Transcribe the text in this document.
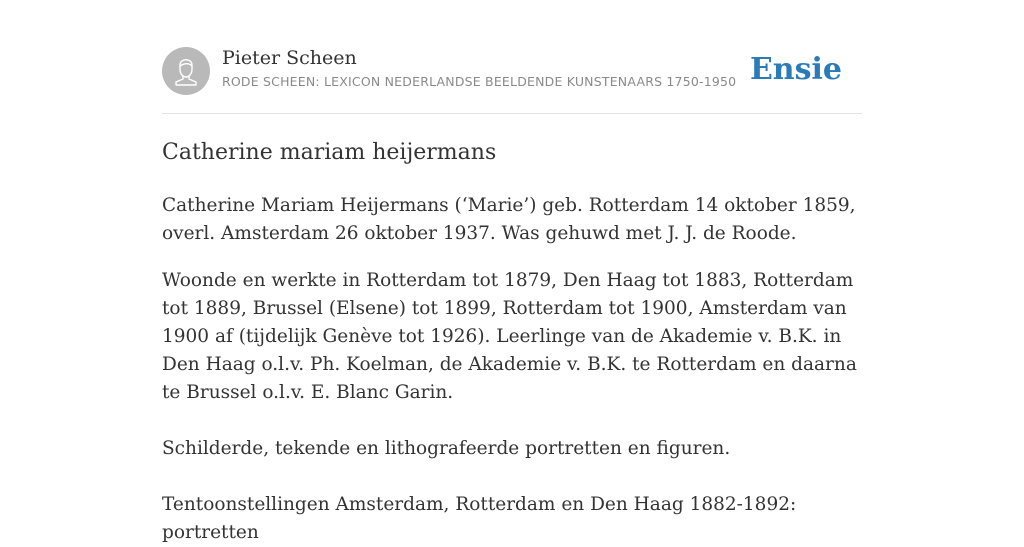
Pieter Scheen
RODE SCHEEN: LEXICON NEDERLANDSE BEELDENDE KUNSTENAARS 1750-1950 Ensie
Catherine mariam heijermans

Catherine Mariam Heijermans (‘Marie’) geb. Rotterdam 14 oktober 1859, overl. Amsterdam 26 oktober 1937. Was gehuwd met J. J. de Roode.

Woonde en werkte in Rotterdam tot 1879, Den Haag tot 1883, Rotterdam tot 1889, Brussel (Elsene) tot 1899, Rotterdam tot 1900, Amsterdam van 1900 af (tijdelijk Genève tot 1926). Leerlinge van de Akademie v. B.K. in Den Haag o.l.v. Ph. Koelman, de Akademie v. B.K. te Rotterdam en daarna te Brussel o.l.v. E. Blanc Garin.

Schilderde, tekende en lithografeerde portretten en figuren.

Tentoonstellingen Amsterdam, Rotterdam en Den Haag 1882-1892: portretten
